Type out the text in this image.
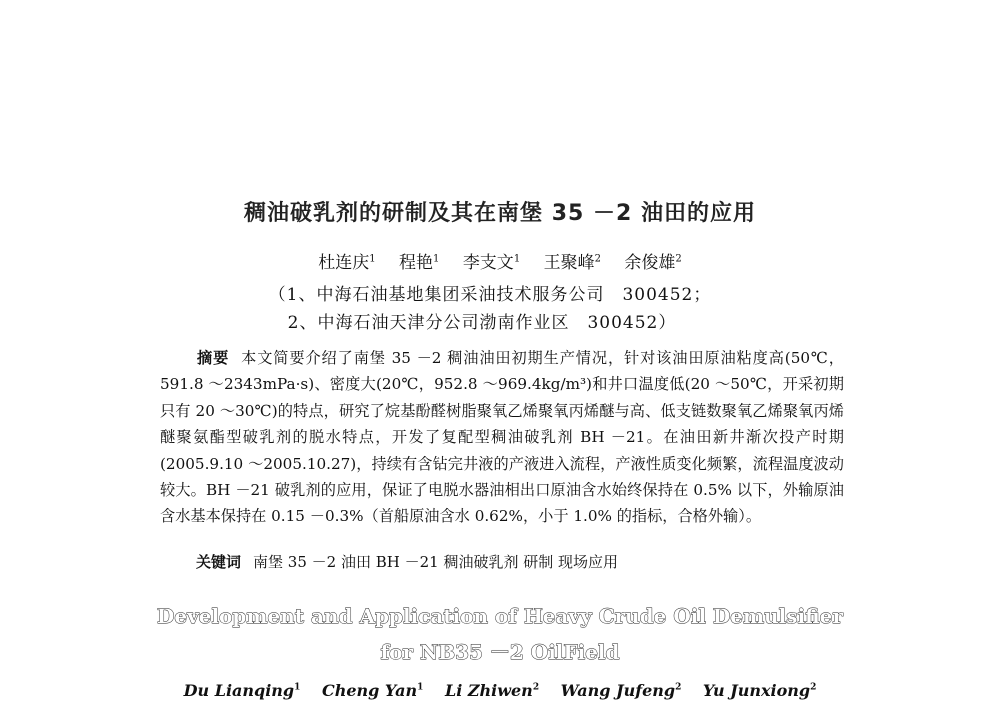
稠油破乳剂的研制及其在南堡 35 －2 油田的应用
杜连庆$^1$ 程艳$^1$ 李支文$^1$ 王聚峰$^2$ 余俊雄$^2$
（1、中海石油基地集团采油技术服务公司　300452；
2、中海石油天津分公司渤南作业区　300452）

摘要 本文简要介绍了南堡 35 －2 稠油油田初期生产情况，针对该油田原油粘度高(50℃，591.8 ～2343mPa·s)、密度大(20℃，952.8 ～969.4kg/m³)和井口温度低(20 ～50℃，开采初期只有 20 ～30℃)的特点，研究了烷基酚醛树脂聚氧乙烯聚氧丙烯醚与高、低支链数聚氧乙烯聚氧丙烯醚聚氨酯型破乳剂的脱水特点，开发了复配型稠油破乳剂 BH －21。在油田新井渐次投产时期(2005.9.10 ～2005.10.27)，持续有含钻完井液的产液进入流程，产液性质变化频繁，流程温度波动较大。BH －21 破乳剂的应用，保证了电脱水器油相出口原油含水始终保持在 0.5% 以下，外输原油含水基本保持在 0.15 －0.3%（首船原油含水 0.62%，小于 1.0% 的指标，合格外输）。

关键词 南堡 35 －2 油田 BH －21 稠油破乳剂 研制 现场应用
Development and Application of Heavy Crude Oil Demulsifier
for NB35 －2 OilField
Du Lianqing$^1$ Cheng Yan$^1$ Li Zhiwen$^2$ Wang Jufeng$^2$ Yu Junxiong$^2$
